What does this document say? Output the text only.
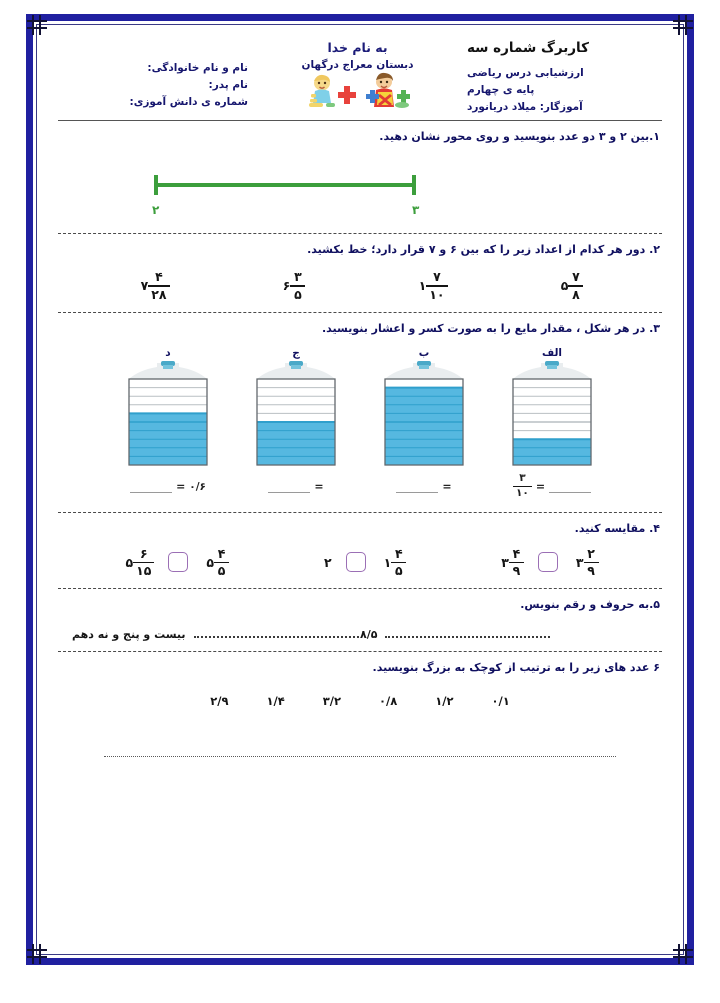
نام و نام خانوادگی:
نام پدر:
شماره ی دانش آموزی:
به نام خدا
دبستان معراج درگهان
کاربرگ شماره سه
ارزشیابی درس ریاضی
پایه ی چهارم
آموزگار: میلاد دریانورد
۱.بین ۲ و ۳ دو عدد بنویسید و روی محور نشان دهید.
۲	۳
۲. دور هر کدام از اعداد زیر را که بین ۶ و ۷ قرار دارد؛ خط بکشید.
۷ $\frac{۴}{۲۸}$	۶ $\frac{۳}{۵}$	۱ $\frac{۷}{۱۰}$	۵ $\frac{۷}{۸}$
۳. در هر شکل ، مقدار مایع را به صورت کسر و اعشار بنویسید.
د	ج	ب	الف
= ۰/۶	=	=	$\frac{۳}{۱۰}$ =
۴. مقایسه کنید.
۵ $\frac{۶}{۱۵}$	۵ $\frac{۴}{۵}$	۲	۱ $\frac{۴}{۵}$	۳ $\frac{۴}{۹}$	۳ $\frac{۲}{۹}$
۵.به حروف و رقم بنویس.
بیست و پنج و نه دهم	۸/۵
۶ عدد های زیر را به ترتیب از کوچک به بزرگ بنویسید.
۲/۹	۱/۴	۳/۲	۰/۸	۱/۲	۰/۱
